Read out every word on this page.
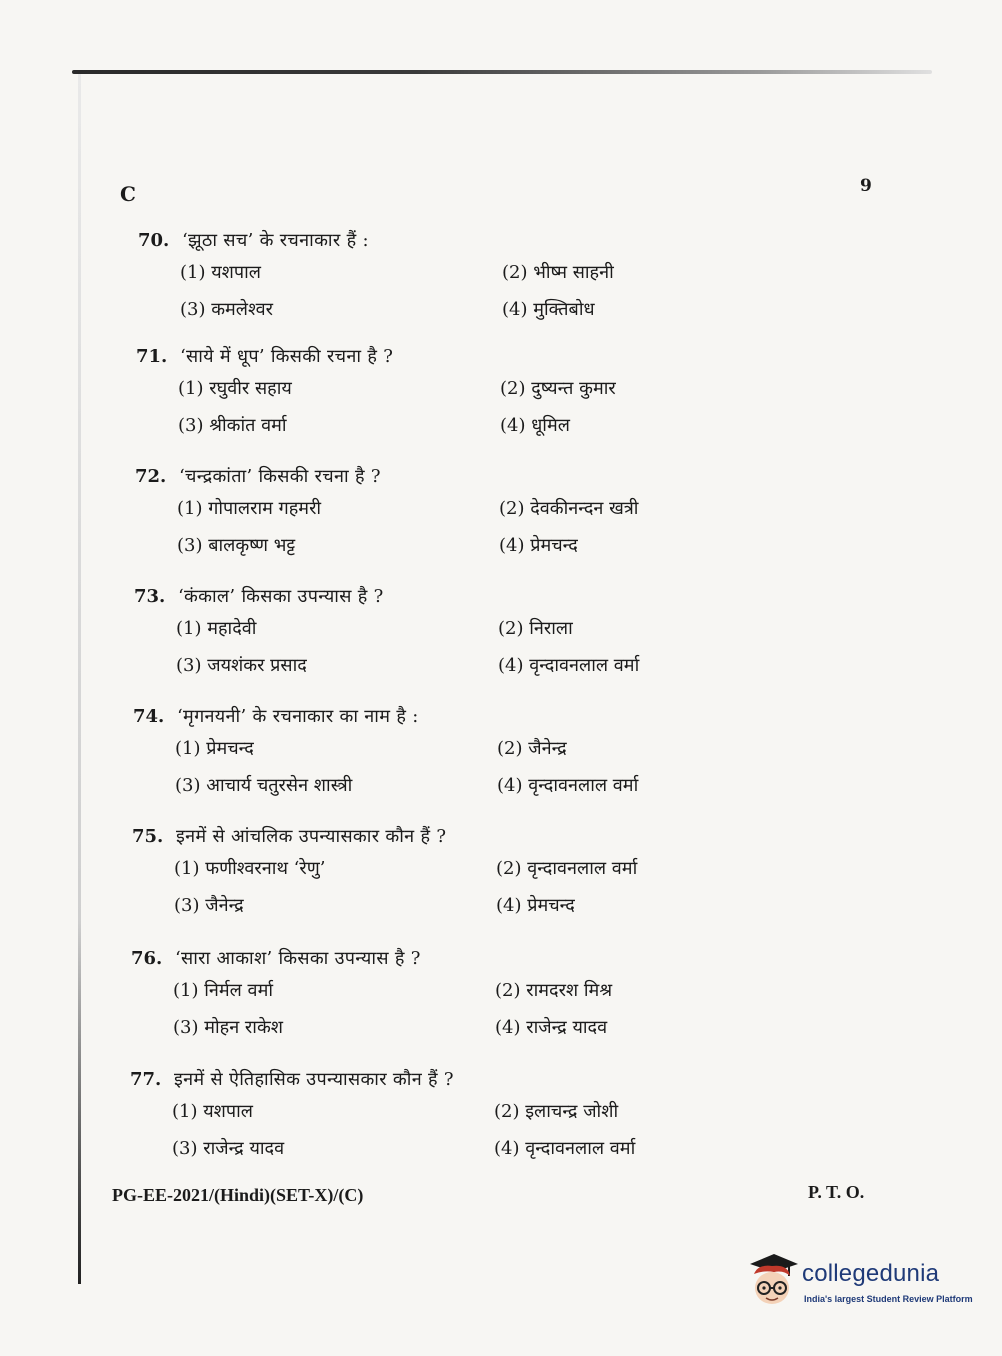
C	9
70. ‘झूठा सच’ के रचनाकार हैं :
(1) यशपाल	(2) भीष्म साहनी
(3) कमलेश्वर	(4) मुक्तिबोध
71. ‘साये में धूप’ किसकी रचना है ?
(1) रघुवीर सहाय	(2) दुष्यन्त कुमार
(3) श्रीकांत वर्मा	(4) धूमिल
72. ‘चन्द्रकांता’ किसकी रचना है ?
(1) गोपालराम गहमरी	(2) देवकीनन्दन खत्री
(3) बालकृष्ण भट्ट	(4) प्रेमचन्द
73. ‘कंकाल’ किसका उपन्यास है ?
(1) महादेवी	(2) निराला
(3) जयशंकर प्रसाद	(4) वृन्दावनलाल वर्मा
74. ‘मृगनयनी’ के रचनाकार का नाम है :
(1) प्रेमचन्द	(2) जैनेन्द्र
(3) आचार्य चतुरसेन शास्त्री	(4) वृन्दावनलाल वर्मा
75. इनमें से आंचलिक उपन्यासकार कौन हैं ?
(1) फणीश्वरनाथ ‘रेणु’	(2) वृन्दावनलाल वर्मा
(3) जैनेन्द्र	(4) प्रेमचन्द
76. ‘सारा आकाश’ किसका उपन्यास है ?
(1) निर्मल वर्मा	(2) रामदरश मिश्र
(3) मोहन राकेश	(4) राजेन्द्र यादव
77. इनमें से ऐतिहासिक उपन्यासकार कौन हैं ?
(1) यशपाल	(2) इलाचन्द्र जोशी
(3) राजेन्द्र यादव	(4) वृन्दावनलाल वर्मा
PG-EE-2021/(Hindi)(SET-X)/(C)	P. T. O.
collegedunia
India's largest Student Review Platform
